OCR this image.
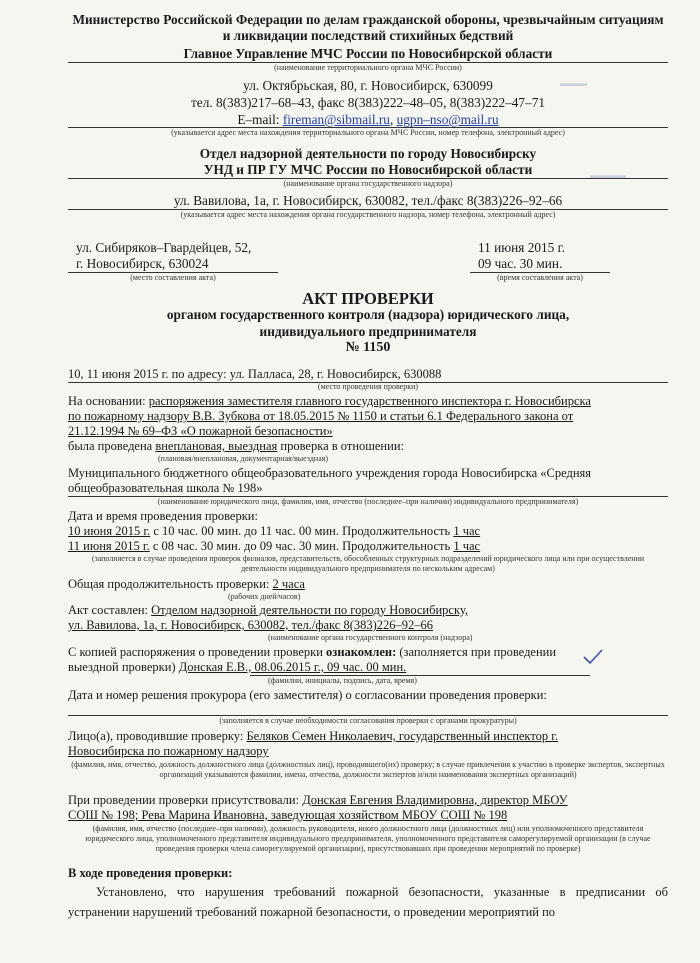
▬▬▬
▬▬▬▬
Министерство Российской Федерации по делам гражданской обороны, чрезвычайным ситуациям и ликвидации последствий стихийных бедствий
Главное Управление МЧС России по Новосибирской области
(наименование территориального органа МЧС России)
ул. Октябрьская, 80, г. Новосибирск, 630099
тел. 8(383)217–68–43, факс 8(383)222–48–05, 8(383)222–47–71
E–mail: fireman@sibmail.ru, ugpn–nso@mail.ru
(указывается адрес места нахождения территориального органа МЧС России, номер телефона, электронный адрес)
Отдел надзорной деятельности по городу Новосибирску
УНД и ПР ГУ МЧС России по Новосибирской области
(наименование органа государственного надзора)
ул. Вавилова, 1а, г. Новосибирск, 630082, тел./факс 8(383)226–92–66
(указывается адрес места нахождения органа государственного надзора, номер телефона, электронный адрес)
ул. Сибиряков–Гвардейцев, 52,
г. Новосибирск, 630024
(место составления акта)
11 июня 2015 г.
09 час. 30 мин.
(время составления акта)
АКТ ПРОВЕРКИ
органом государственного контроля (надзора) юридического лица,
индивидуального предпринимателя
№ 1150
10, 11 июня 2015 г. по адресу: ул. Палласа, 28, г. Новосибирск, 630088
(место проведения проверки)
На основании: распоряжения заместителя главного государственного инспектора г. Новосибирска
по пожарному надзору В.В. Зубкова от 18.05.2015 № 1150 и статьи 6.1 Федерального закона от
21.12.1994 № 69–ФЗ «О пожарной безопасности»
была проведена внеплановая, выездная проверка в отношении:
(плановая/внеплановая, документарная/выездная)
Муниципального бюджетного общеобразовательного учреждения города Новосибирска «Средняя
общеобразовательная школа № 198»
(наименование юридического лица, фамилия, имя, отчество (последнее–при наличии) индивидуального предпринимателя)
Дата и время проведения проверки:
10 июня 2015 г. с 10 час. 00 мин. до 11 час. 00 мин. Продолжительность 1 час
11 июня 2015 г. с 08 час. 30 мин. до 09 час. 30 мин. Продолжительность 1 час
(заполняется в случае проведения проверок филиалов, представительств, обособленных структурных подразделений юридического лица или при осуществлении деятельности индивидуального предпринимателя по нескольким адресам)
Общая продолжительность проверки: 2 часа
(рабочих дней/часов)
Акт составлен: Отделом надзорной деятельности по городу Новосибирску,
ул. Вавилова, 1а, г. Новосибирск, 630082, тел./факс 8(383)226–92–66
(наименование органа государственного контроля (надзора)
С копией распоряжения о проведении проверки ознакомлен: (заполняется при проведении
выездной проверки) Донская Е.В., 08.06.2015 г., 09 час. 00 мин.
(фамилии, инициалы, подпись, дата, время)
Дата и номер решения прокурора (его заместителя) о согласовании проведения проверки:
(заполняется в случае необходимости согласования проверки с органами прокуратуры)
Лицо(а), проводившие проверку: Беляков Семен Николаевич, государственный инспектор г.
Новосибирска по пожарному надзору
(фамилия, имя, отчество, должность должностного лица (должностных лиц), проводившего(их) проверку; в случае привлечения к участию в проверке экспертов, экспертных организаций указываются фамилии, имена, отчества, должности экспертов и/или наименования экспертных организаций)
При проведении проверки присутствовали: Донская Евгения Владимировна, директор МБОУ
СОШ № 198; Рева Марина Ивановна, заведующая хозяйством МБОУ СОШ № 198
(фамилия, имя, отчество (последнее–при наличии), должность руководителя, иного должностного лица (должностных лиц) или уполномоченного представителя юридического лица, уполномоченного представителя индивидуального предпринимателя, уполномоченного представителя саморегулируемой организации (в случае проведения проверки члена саморегулируемой организации), присутствовавших при проведении мероприятий по проверке)
В ходе проведения проверки:
Установлено, что нарушения требований пожарной безопасности, указанные в предписании об устранении нарушений требований пожарной безопасности, о проведении мероприятий по
